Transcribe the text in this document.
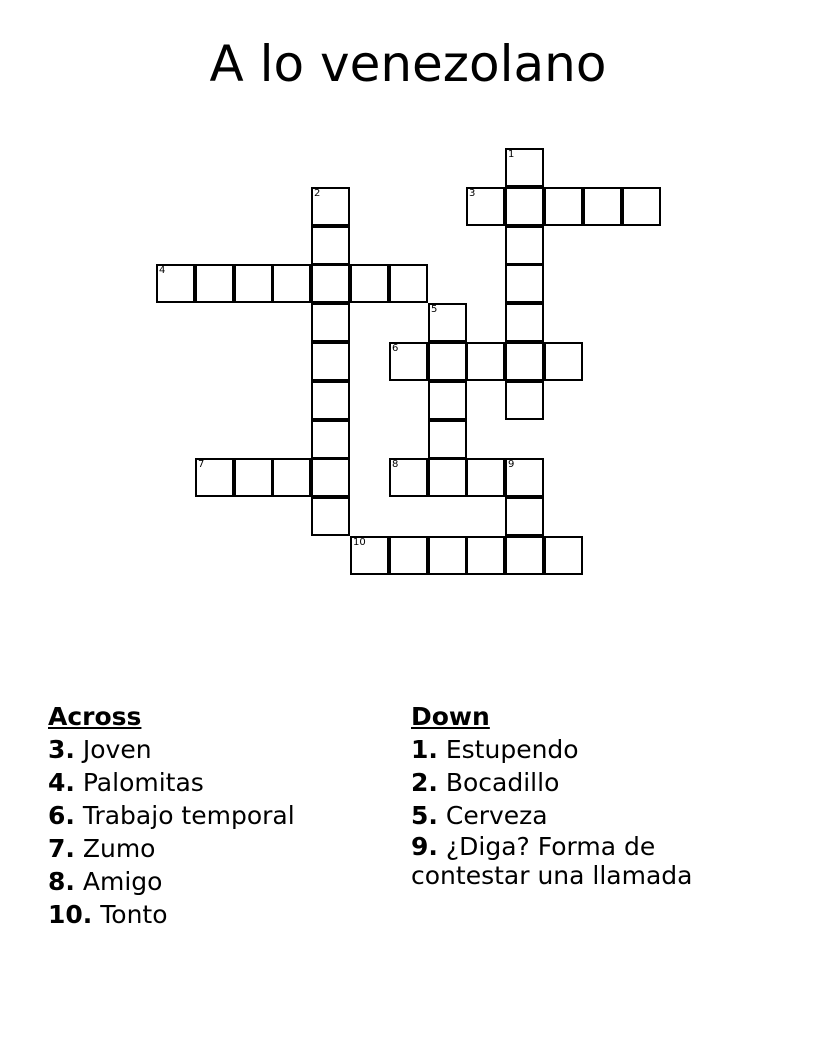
A lo venezolano
1
2	3
4
5
6
7	8	9
10
Across
3. Joven
4. Palomitas
6. Trabajo temporal
7. Zumo
8. Amigo
10. Tonto
Down
1. Estupendo
2. Bocadillo
5. Cerveza
9. ¿Diga? Forma de contestar una llamada
